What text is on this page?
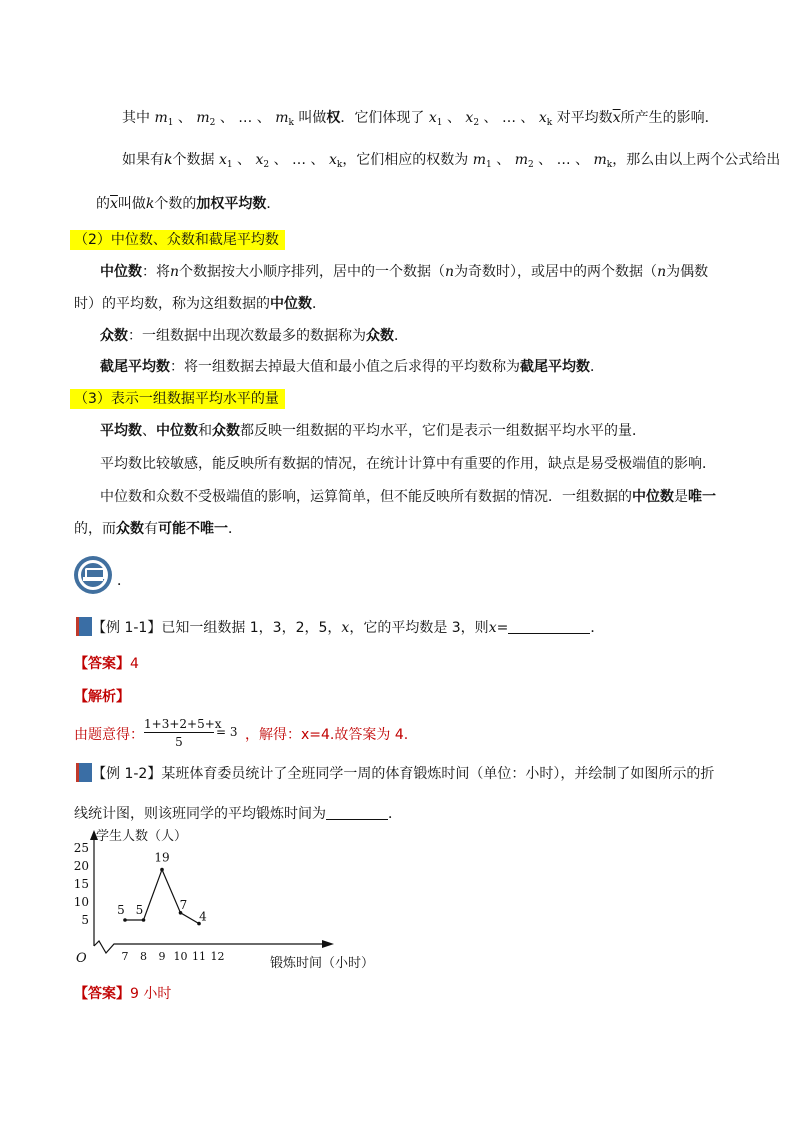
其中 $m_1$ 、 $m_2$ 、 … 、 $m_k$ 叫做权．它们体现了 $x_1$ 、 $x_2$ 、 … 、 $x_k$ 对平均数$\overline{x}$所产生的影响．
如果有k个数据 $x_1$ 、 $x_2$ 、 … 、 $x_k$，它们相应的权数为 $m_1$ 、 $m_2$ 、 … 、 $m_k$，那么由以上两个公式给出
的$\overline{x}$叫做k个数的加权平均数．
（2）中位数、众数和截尾平均数
中位数：将n个数据按大小顺序排列，居中的一个数据（n为奇数时），或居中的两个数据（n为偶数
时）的平均数，称为这组数据的中位数．
众数：一组数据中出现次数最多的数据称为众数．
截尾平均数：将一组数据去掉最大值和最小值之后求得的平均数称为截尾平均数．
（3）表示一组数据平均水平的量
平均数、中位数和众数都反映一组数据的平均水平，它们是表示一组数据平均水平的量．
平均数比较敏感，能反映所有数据的情况，在统计计算中有重要的作用，缺点是易受极端值的影响．
中位数和众数不受极端值的影响，运算简单，但不能反映所有数据的情况．一组数据的中位数是唯一
的，而众数有可能不唯一．
．
【例 1-1】已知一组数据 1，3，2，5，x，它的平均数是 3，则x=	．
【答案】4
【解析】
由题意得： $\frac{1+3+2+5+x}{5} = 3$ ，解得：x=4.故答案为 4.
【例 1-2】某班体育委员统计了全班同学一周的体育锻炼时间（单位：小时），并绘制了如图所示的折
线统计图，则该班同学的平均锻炼时间为	．
学生人数（人）
锻炼时间（小时）
O
5
10
15
20
25
7 8 9 10 11 12
5 5
19
7
4
【答案】9 小时
